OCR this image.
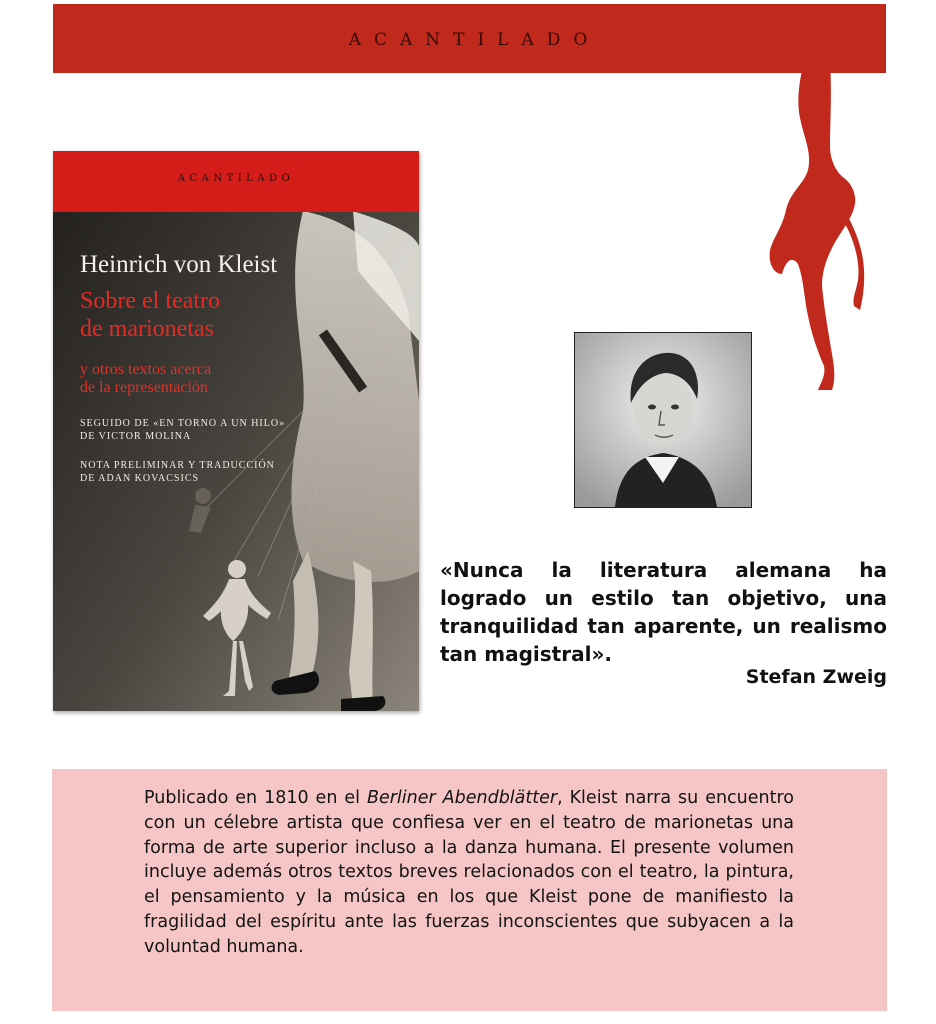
ACANTILADO
ACANTILADO
Heinrich von Kleist
Sobre el teatro
de marionetas
y otros textos acerca
de la representación
SEGUIDO DE «EN TORNO A UN HILO»
DE VICTOR MOLINA
NOTA PRELIMINAR Y TRADUCCIÓN
DE ADAN KOVACSICS

«Nunca la literatura alemana ha logrado un estilo tan objetivo, una tranquilidad tan aparente, un realismo tan magistral».

Stefan Zweig

Publicado en 1810 en el Berliner Abendblätter, Kleist narra su encuentro con un célebre artista que confiesa ver en el teatro de marionetas una forma de arte superior incluso a la danza humana. El presente volumen incluye además otros textos breves relacionados con el teatro, la pintura, el pensamiento y la música en los que Kleist pone de manifiesto la fragilidad del espíritu ante las fuerzas inconscientes que subyacen a la voluntad humana.
